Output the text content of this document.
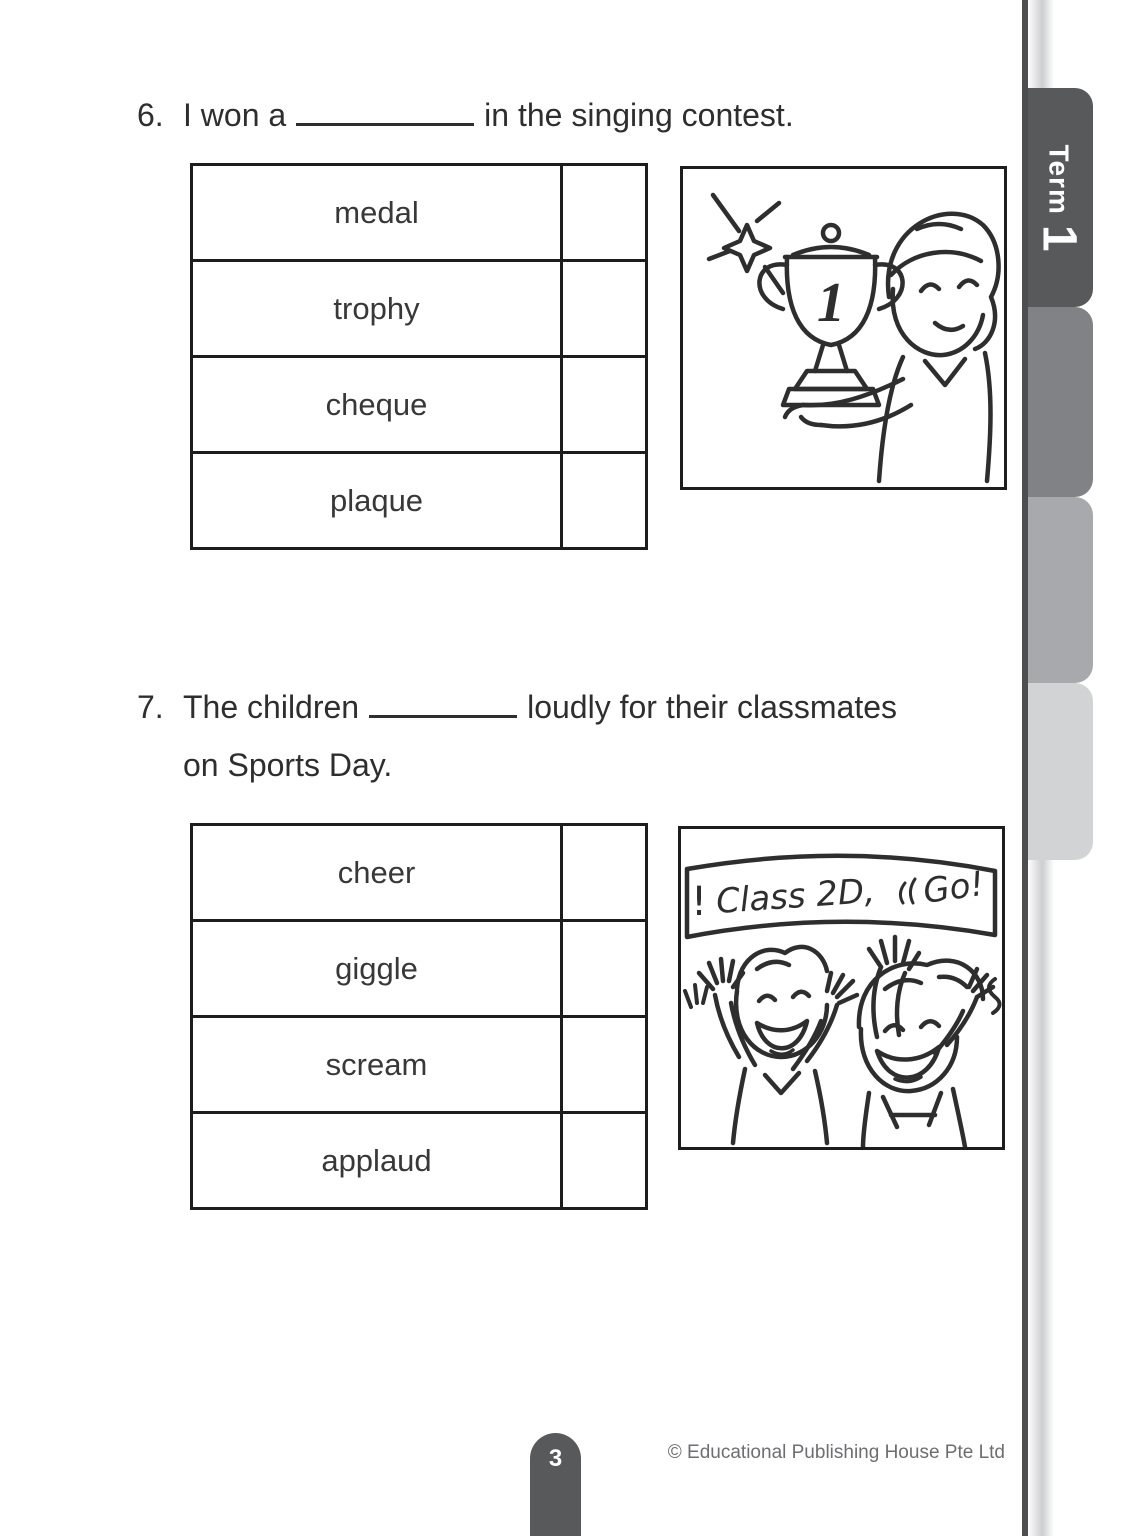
6. I won a	in the singing contest.
medal
trophy
cheque
plaque
1
7. The children	loudly for their classmates
on Sports Day.
cheer
giggle
scream
applaud
! Class 2D, Go!
Term
1
3	© Educational Publishing House Pte Ltd
